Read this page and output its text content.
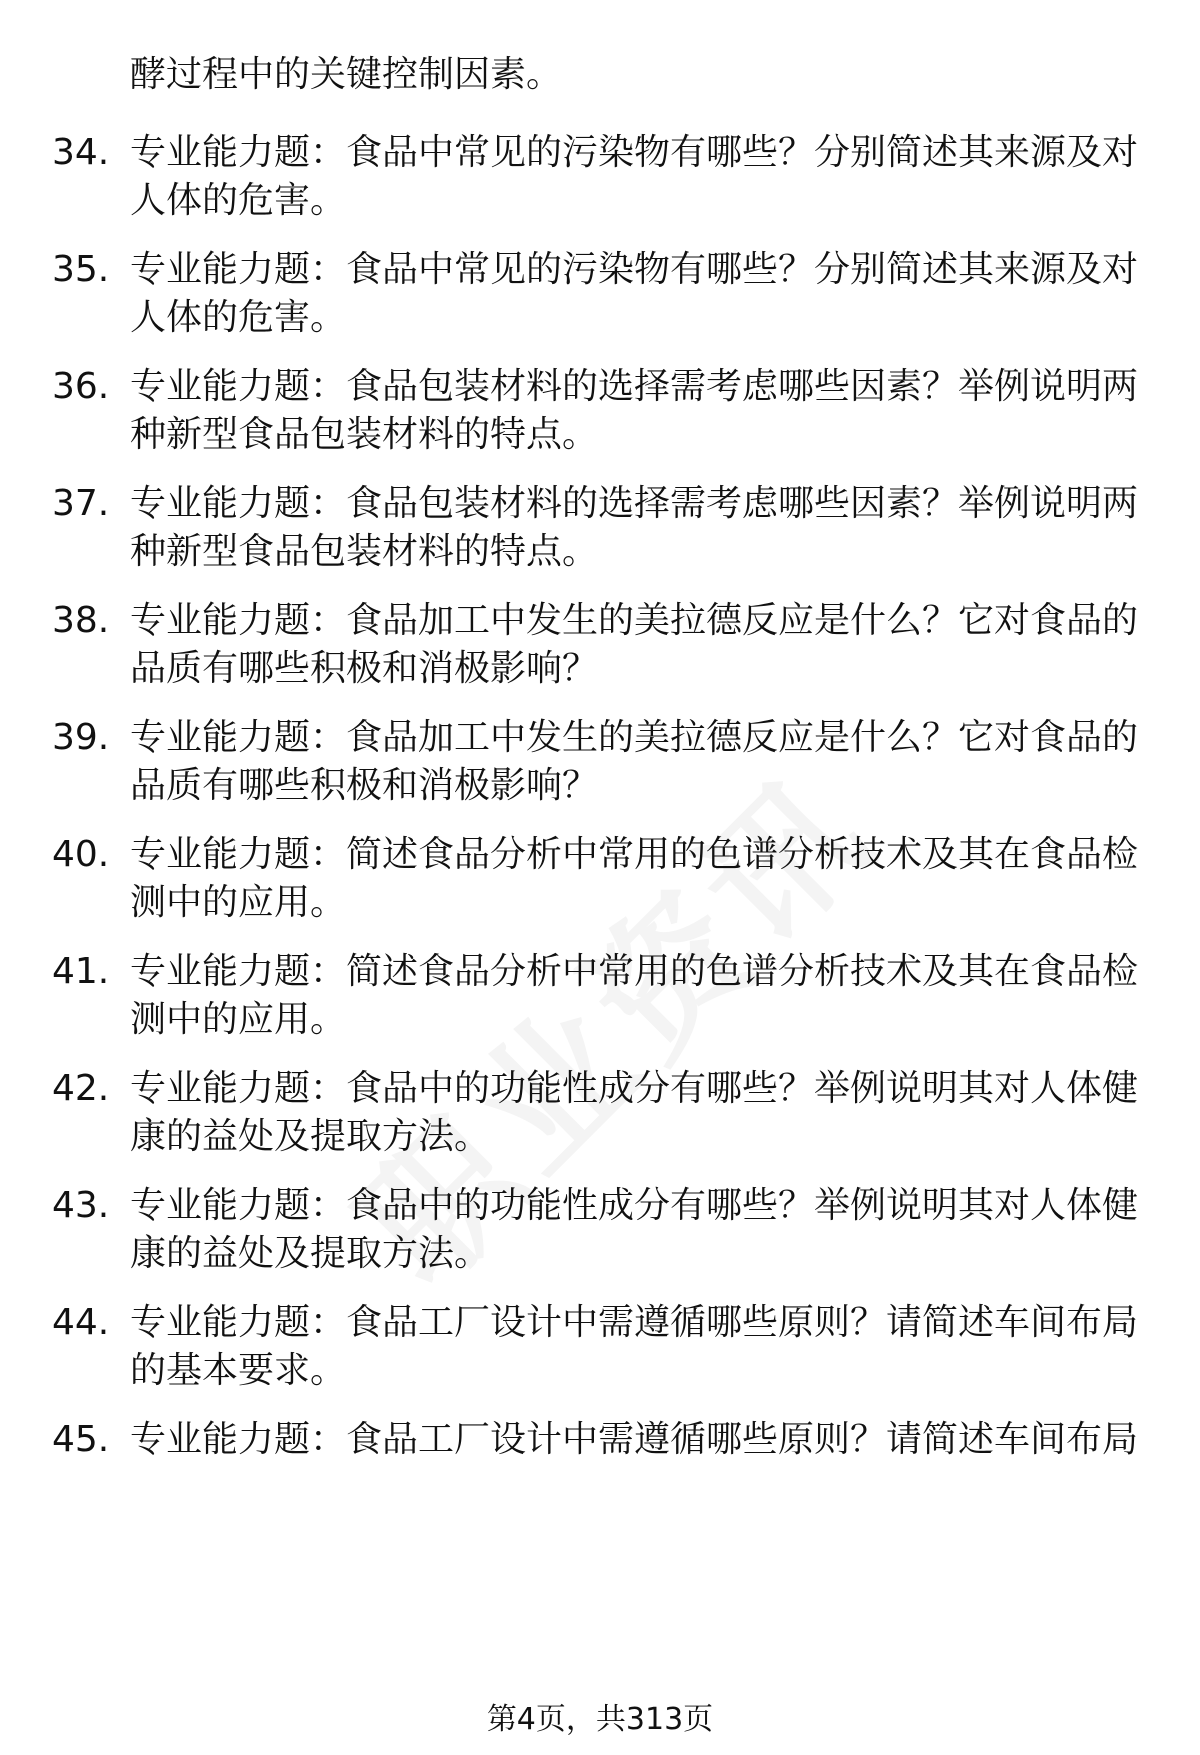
酵过程中的关键控制因素。
34. 专业能力题：食品中常见的污染物有哪些？分别简述其来源及对
人体的危害。
35. 专业能力题：食品中常见的污染物有哪些？分别简述其来源及对
人体的危害。
36. 专业能力题：食品包装材料的选择需考虑哪些因素？举例说明两
种新型食品包装材料的特点。
37. 专业能力题：食品包装材料的选择需考虑哪些因素？举例说明两
种新型食品包装材料的特点。
38. 专业能力题：食品加工中发生的美拉德反应是什么？它对食品的
品质有哪些积极和消极影响？
39. 专业能力题：食品加工中发生的美拉德反应是什么？它对食品的
品质有哪些积极和消极影响？
40. 专业能力题：简述食品分析中常用的色谱分析技术及其在食品检
测中的应用。
41. 专业能力题：简述食品分析中常用的色谱分析技术及其在食品检
测中的应用。
42. 专业能力题：食品中的功能性成分有哪些？举例说明其对人体健
康的益处及提取方法。
43. 专业能力题：食品中的功能性成分有哪些？举例说明其对人体健
康的益处及提取方法。
44. 专业能力题：食品工厂设计中需遵循哪些原则？请简述车间布局
的基本要求。
45. 专业能力题：食品工厂设计中需遵循哪些原则？请简述车间布局
第4页，共313页
